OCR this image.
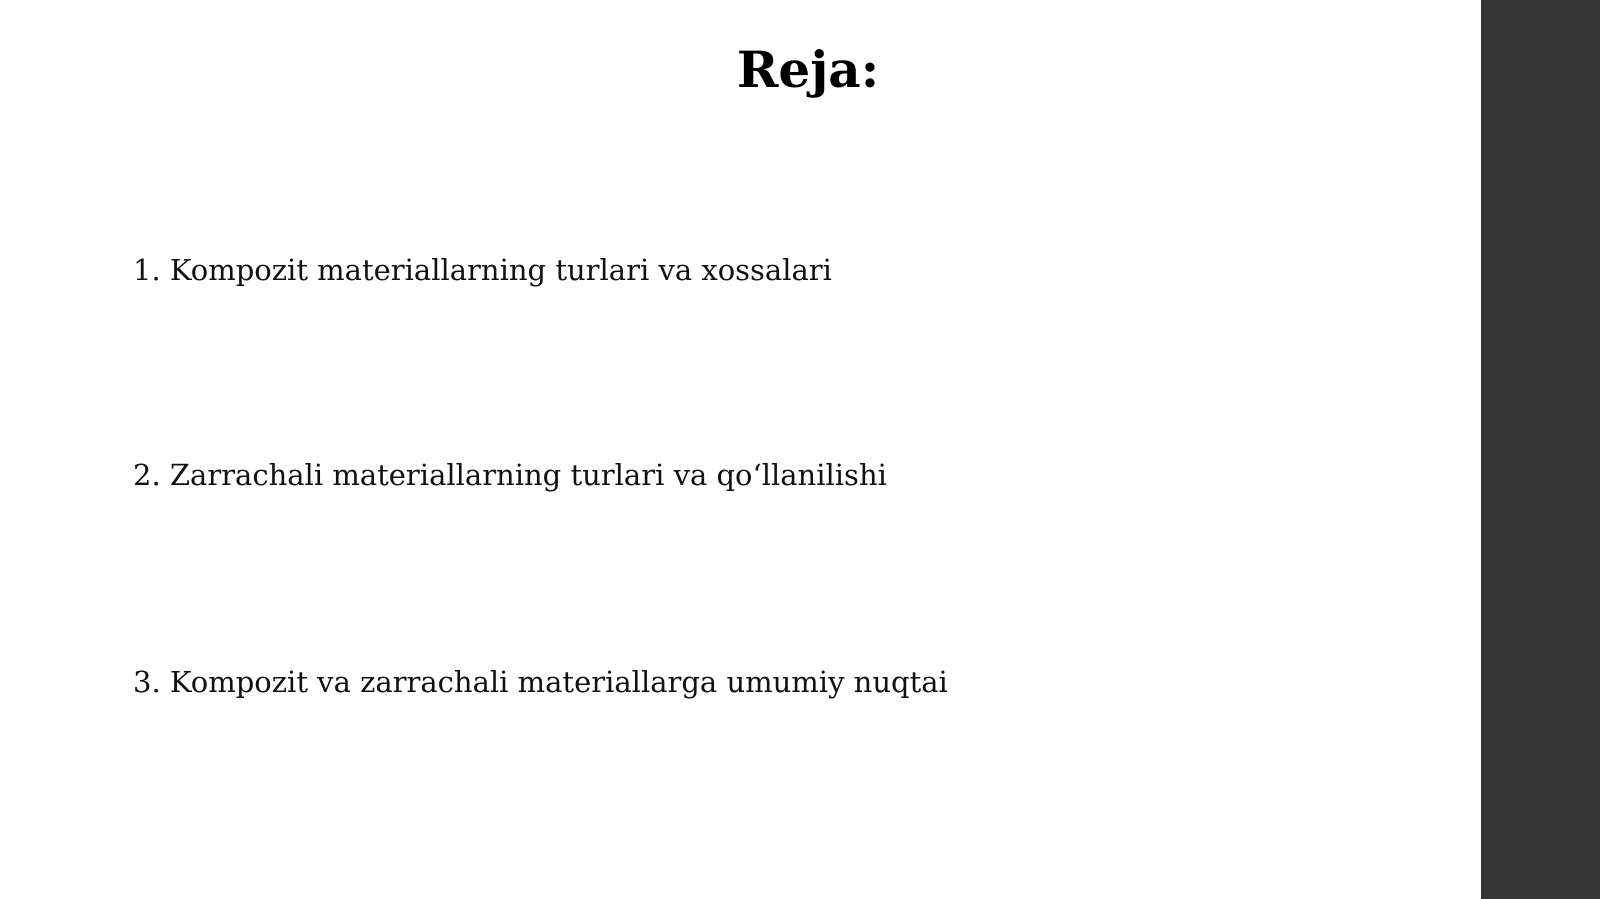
Reja:
1. Kompozit materiallarning turlari va xossalari
2. Zarrachali materiallarning turlari va qoʻllanilishi
3. Kompozit va zarrachali materiallarga umumiy nuqtai
